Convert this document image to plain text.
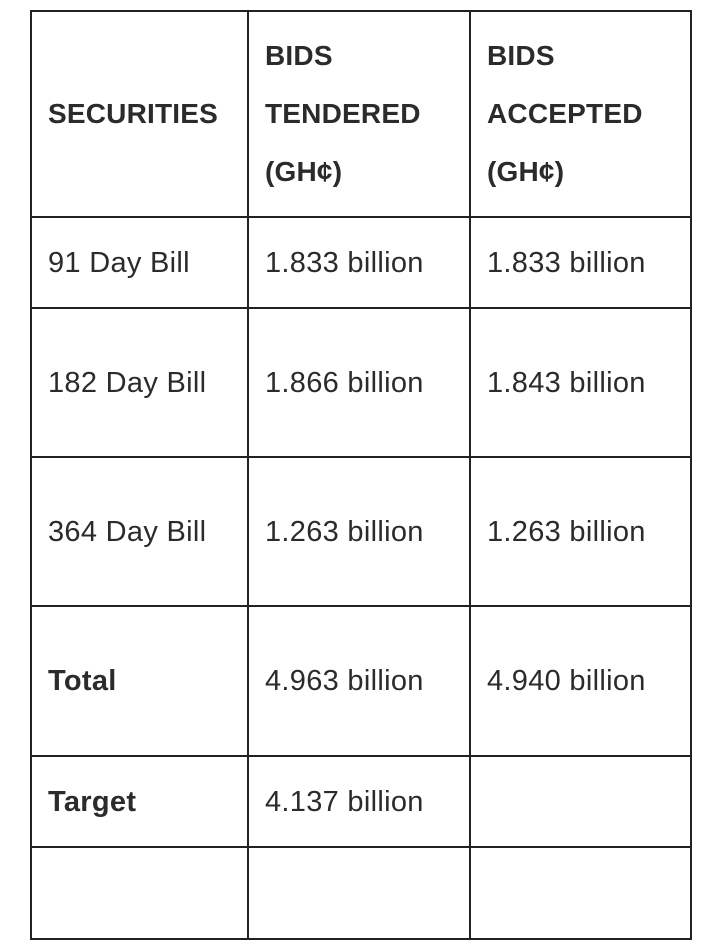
SECURITIES	BIDS TENDERED (GH¢)	BIDS ACCEPTED (GH¢)
91 Day Bill	1.833 billion	1.833 billion
182 Day Bill	1.866 billion	1.843 billion
364 Day Bill	1.263 billion	1.263 billion
Total	4.963 billion	4.940 billion
Target	4.137 billion	
